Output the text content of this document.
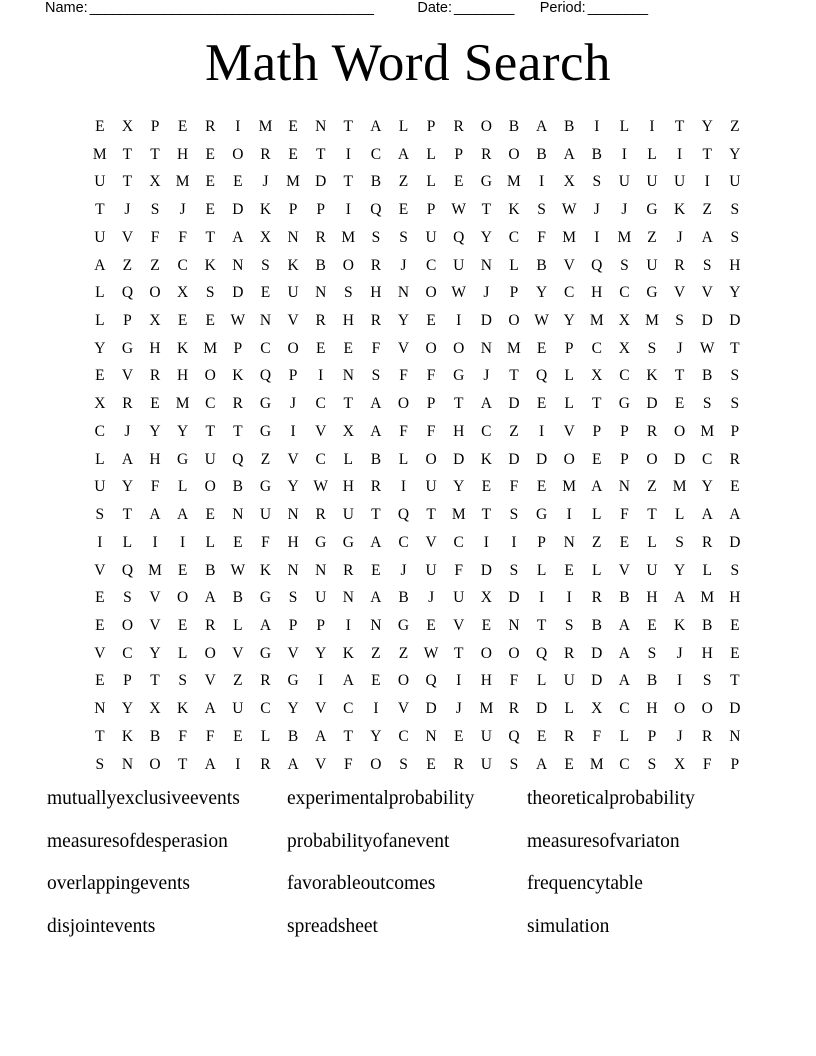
Name: ______________________________________	Date: ________ Period: ________
Math Word Search
E	X	P	E	R	I	M	E	N	T	A	L	P	R	O	B	A	B	I	L	I	T	Y	Z
M	T	T	H	E	O	R	E	T	I	C	A	L	P	R	O	B	A	B	I	L	I	T	Y
U	T	X M	E	E	J	M D	T	B	Z	L	E	G M	I	X	S	U	U	U	I	U
T	J	S	J	E	D	K	P	P	I	Q	E	P	W	T	K	S	W	J	J	G	K	Z	S
U	V	F	F	T	A	X	N	R	M	S	S	U	Q	Y	C	F	M	I	M	Z	J	A	S
A	Z	Z	C	K	N	S	K	B	O	R	J	C	U	N	L	B	V	Q	S	U	R	S	H
L	Q	O	X	S	D	E	U	N	S	H	N	O W	J	P	Y	C	H	C	G	V	V	Y
L	P	X	E	E	W N	V	R	H	R	Y	E	I	D	O W Y M X M	S	D	D
Y	G	H	K M	P	C	O	E	E	F	V	O	O	N M	E	P	C	X	S	J	W	T
E	V	R	H	O	K	Q	P	I	N	S	F	F	G	J	T	Q	L	X	C	K	T	B	S
X	R	E	M	C	R	G	J	C	T	A	O	P	T	A	D	E	L	T	G	D	E	S	S
C	J	Y	Y	T	T	G	I	V	X	A	F	F	H	C	Z	I	V	P	P	R	O M	P
L	A	H	G	U	Q	Z	V	C	L	B	L	O	D	K	D	D	O	E	P	O	D	C	R
U	Y	F	L	O	B	G	Y W H	R	I	U	Y	E	F	E	M A	N	Z	M Y	E
S	T	A	A	E	N	U	N	R	U	T	Q	T	M	T	S	G	I	L	F	T	L	A	A
I	L	I	I	L	E	F	H	G	G	A	C	V	C	I	I	P	N	Z	E	L	S	R	D
V	Q M	E	B W K	N	N	R	E	J	U	F	D	S	L	E	L	V	U	Y	L	S
E	S	V	O	A	B	G	S	U	N	A	B	J	U	X	D	I	I	R	B	H	A M H
E	O	V	E	R	L	A	P	P	I	N	G	E	V	E	N	T	S	B	A	E	K	B	E
V	C	Y	L	O	V	G	V	Y	K	Z	Z	W	T	O	O	Q	R	D	A	S	J	H	E
E	P	T	S	V	Z	R	G	I	A	E	O	Q	I	H	F	L	U	D	A	B	I	S	T
N	Y	X	K	A	U	C	Y	V	C	I	V	D	J	M	R	D	L	X	C	H	O	O	D
T	K	B	F	F	E	L	B	A	T	Y	C	N	E	U	Q	E	R	F	L	P	J	R	N
S	N	O	T	A	I	R	A	V	F	O	S	E	R	U	S	A	E	M	C	S	X	F	P
mutuallyexclusiveevents	experimentalprobability	theoreticalprobability
measuresofdesperasion	probabilityofanevent	measuresofvariaton
overlappingevents	favorableoutcomes	frequencytable
disjointevents	spreadsheet	simulation
